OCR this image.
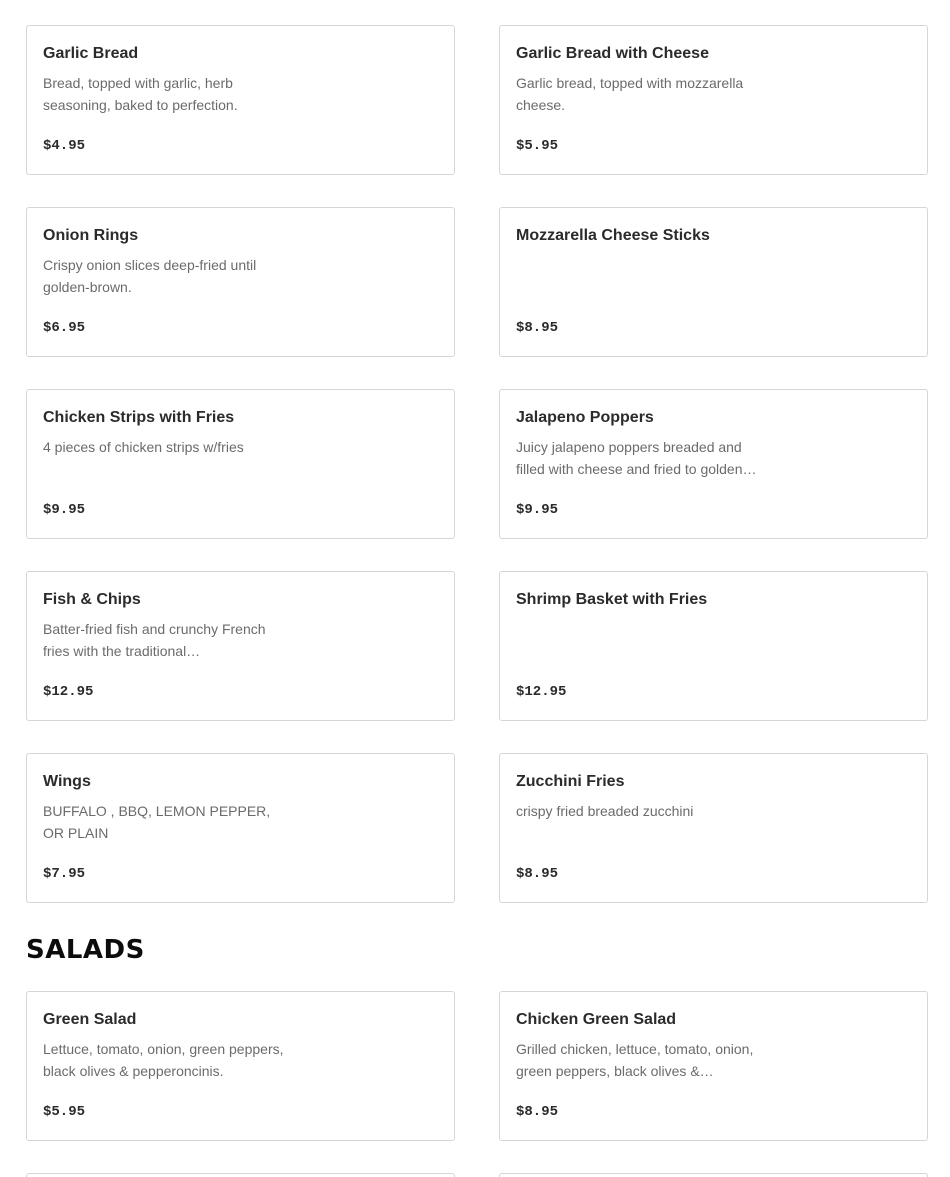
Garlic Bread
Bread, topped with garlic, herb seasoning, baked to perfection.
$4.95
Garlic Bread with Cheese
Garlic bread, topped with mozzarella cheese.
$5.95
Onion Rings
Crispy onion slices deep-fried until golden-brown.
$6.95
Mozzarella Cheese Sticks
$8.95
Chicken Strips with Fries
4 pieces of chicken strips w/fries
$9.95
Jalapeno Poppers
Juicy jalapeno poppers breaded and filled with cheese and fried to golden…
$9.95
Fish & Chips
Batter-fried fish and crunchy French fries with the traditional…
$12.95
Shrimp Basket with Fries
$12.95
Wings
BUFFALO , BBQ, LEMON PEPPER, OR PLAIN
$7.95
Zucchini Fries
crispy fried breaded zucchini
$8.95
SALADS
Green Salad
Lettuce, tomato, onion, green peppers, black olives & pepperoncinis.
$5.95
Chicken Green Salad
Grilled chicken, lettuce, tomato, onion, green peppers, black olives &…
$8.95
